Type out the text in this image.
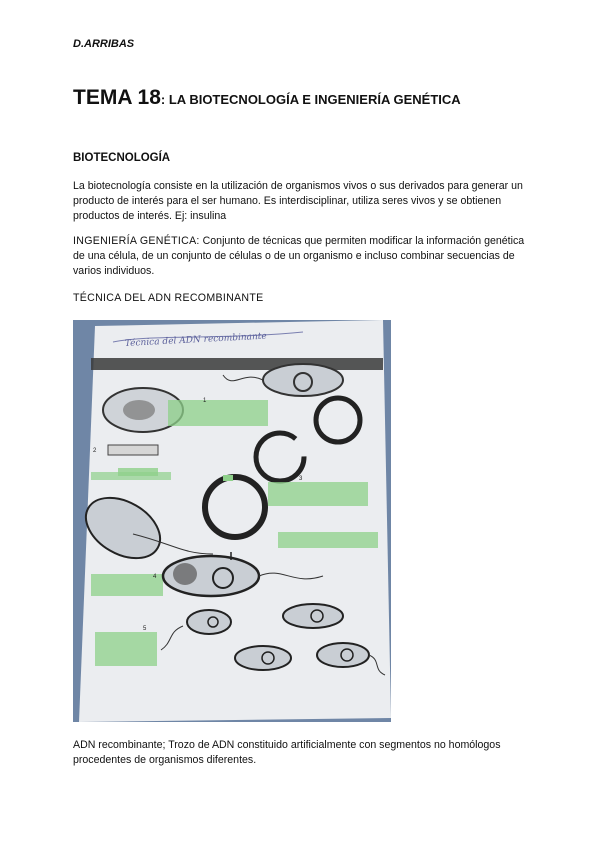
D.ARRIBAS
TEMA 18: LA BIOTECNOLOGÍA E INGENIERÍA GENÉTICA
BIOTECNOLOGÍA
La biotecnología consiste en la utilización de organismos vivos o sus derivados para generar un producto de interés para el ser humano. Es interdisciplinar, utiliza seres vivos y se obtienen productos de interés. Ej: insulina
INGENIERÍA GENÉTICA: Conjunto de técnicas que permiten modificar la información genética de una célula, de un conjunto de células o de un organismo e incluso combinar secuencias de varios individuos.
TÉCNICA DEL ADN RECOMBINANTE
Técnica del ADN recombinante
1
2
3
4
5
ADN recombinante; Trozo de ADN constituido artificialmente con segmentos no homólogos procedentes de organismos diferentes.
